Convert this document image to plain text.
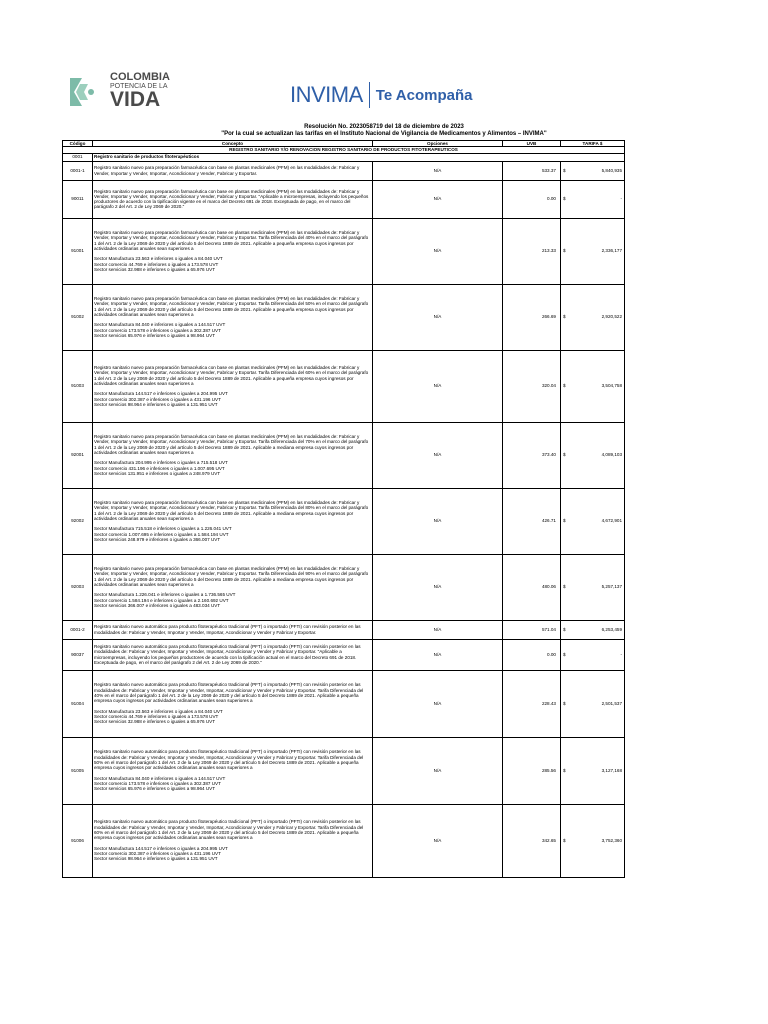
COLOMBIA
POTENCIA DE LA
VIDA	INVIMA Te Acompaña
Resolución No. 2023058719 del 18 de diciembre de 2023
"Por la cual se actualizan las tarifas en el Instituto Nacional de Vigilancia de Medicamentos y Alimentos – INVIMA"
Código	Concepto	Opciones	UVB	TARIFA $
REGISTRO SANITARIO Y/O RENOVACION REGISTRO SANITARIO DE PRODUCTOS FITOTERAPEUTICOS				
0001	Registro sanitario de productos fitoterapéuticos			
0001-1	Registro sanitario nuevo para preparación farmacéutica con base en plantas medicinales (PFM) en las modalidades de: Fabricar y Vender, Importar y Vender, Importar, Acondicionar y Vender, Fabricar y Exportar.	N/A	533.37	$ 5,840,935

90011	Registro sanitario nuevo para preparación farmacéutica con base en plantas medicinales (PFM) en las modalidades de: Fabricar y Vender, Importar y Vender, Importar, Acondicionar y Vender, Fabricar y Exportar. "Aplicable a microempresas, incluyendo los pequeños productores de acuerdo con la tipificación vigente en el marco del Decreto 691 de 2018. Exceptuada de pago, en el marco del parágrafo 2 del Art. 2 de Ley 2069 de 2020."	N/A	0.00	$ -

91001	Registro sanitario nuevo para preparación farmacéutica con base en plantas medicinales (PFM) en las modalidades de: Fabricar y Vender, Importar y Vender, Importar, Acondicionar y Vender, Fabricar y Exportar. Tarifa Diferenciada del 40% en el marco del parágrafo 1 del Art. 2 de la Ley 2069 de 2020 y del artículo 5 del Decreto 1889 de 2021. Aplicable a pequeña empresa cuyos ingresos por actividades ordinarias anuales sean superiores a

Sector Manufactura 23.563 e inferiores o iguales a 84.040 UVT
Sector comercio 44.769 e inferiores o iguales a 173.578 UVT
Sector servicios 32.988 e inferiores o iguales a 65.976 UVT	N/A	213.33	$ 2,336,177

91002	Registro sanitario nuevo para preparación farmacéutica con base en plantas medicinales (PFM) en las modalidades de: Fabricar y Vender, Importar y Vender, Importar, Acondicionar y Vender, Fabricar y Exportar. Tarifa Diferenciada del 50% en el marco del parágrafo 1 del Art. 2 de la Ley 2069 de 2020 y del artículo 5 del Decreto 1889 de 2021. Aplicable a pequeña empresa cuyos ingresos por actividades ordinarias anuales sean superiores a

Sector Manufactura 84.040 e inferiores o iguales a 144.517 UVT
Sector comercio 173.578 e inferiores o iguales a 302.387 UVT
Sector servicios 65.976 e inferiores o iguales a 98.964 UVT	N/A	266.69	$ 2,920,522

91003	Registro sanitario nuevo para preparación farmacéutica con base en plantas medicinales (PFM) en las modalidades de: Fabricar y Vender, Importar y Vender, Importar, Acondicionar y Vender, Fabricar y Exportar. Tarifa Diferenciada del 60% en el marco del parágrafo 1 del Art. 2 de la Ley 2069 de 2020 y del artículo 5 del Decreto 1889 de 2021. Aplicable a pequeña empresa cuyos ingresos por actividades ordinarias anuales sean superiores a

Sector Manufactura 144.517 e inferiores o iguales a 204.995 UVT
Sector comercio 302.387 e inferiores o iguales a 431.196 UVT
Sector servicios 98.964 e inferiores o iguales a 131.951 UVT	N/A	320.04	$ 3,504,758

92001	Registro sanitario nuevo para preparación farmacéutica con base en plantas medicinales (PFM) en las modalidades de: Fabricar y Vender, Importar y Vender, Importar, Acondicionar y Vender, Fabricar y Exportar. Tarifa Diferenciada del 70% en el marco del parágrafo 1 del Art. 2 de la Ley 2069 de 2020 y del artículo 5 del Decreto 1889 de 2021. Aplicable a mediana empresa cuyos ingresos por actividades ordinarias anuales sean superiores a

Sector Manufactura 204.995 e inferiores o iguales a 715.518 UVT
Sector comercio 431.196 e inferiores o iguales a 1.007.695 UVT
Sector servicios 131.951 e inferiores o iguales a 248.979 UVT	N/A	373.40	$ 4,089,103

92002	Registro sanitario nuevo para preparación farmacéutica con base en plantas medicinales (PFM) en las modalidades de: Fabricar y Vender, Importar y Vender, Importar, Acondicionar y Vender, Fabricar y Exportar. Tarifa Diferenciada del 80% en el marco del parágrafo 1 del Art. 2 de la Ley 2069 de 2020 y del artículo 5 del Decreto 1889 de 2021. Aplicable a mediana empresa cuyos ingresos por actividades ordinarias anuales sean superiores a

Sector Manufactura 715.518 e inferiores o iguales a 1.226.041 UVT
Sector comercio 1.007.695 e inferiores o iguales a 1.584.194 UVT
Sector servicios 248.979 e inferiores o iguales a 366.007 UVT	N/A	426.71	$ 4,672,901

92003	Registro sanitario nuevo para preparación farmacéutica con base en plantas medicinales (PFM) en las modalidades de: Fabricar y Vender, Importar y Vender, Importar, Acondicionar y Vender, Fabricar y Exportar. Tarifa Diferenciada del 90% en el marco del parágrafo 1 del Art. 2 de la Ley 2069 de 2020 y del artículo 5 del Decreto 1889 de 2021. Aplicable a mediana empresa cuyos ingresos por actividades ordinarias anuales sean superiores a

Sector Manufactura 1.226.041 e inferiores o iguales a 1.736.565 UVT
Sector comercio 1.584.194 e inferiores o iguales a 2.160.692 UVT
Sector servicios 366.007 e inferiores o iguales a 483.034 UVT	N/A	480.06	$ 5,257,137

0001-2	Registro sanitario nuevo automático para producto fitoterapéutico tradicional (PFT) o importado (PFTI) con revisión posterior en las modalidades de: Fabricar y Vender, Importar y Vender, Importar, Acondicionar y Vender y Fabricar y Exportar.	N/A	571.04	$ 6,253,459

90037	Registro sanitario nuevo automático para producto fitoterapéutico tradicional (PFT) o importado (PFTI) con revisión posterior en las modalidades de: Fabricar y Vender, Importar y Vender, Importar, Acondicionar y Vender y Fabricar y Exportar. "Aplicable a microempresas, incluyendo los pequeños productores de acuerdo con la tipificación actual en el marco del Decreto 691 de 2018. Exceptuada de pago, en el marco del parágrafo 2 del Art. 2 de Ley 2069 de 2020."	N/A	0.00	$ -

91004	Registro sanitario nuevo automático para producto fitoterapéutico tradicional (PFT) o importado (PFTI) con revisión posterior en las modalidades de: Fabricar y Vender, Importar y Vender, Importar, Acondicionar y Vender y Fabricar y Exportar. Tarifa Diferenciada del 40% en el marco del parágrafo 1 del Art. 2 de la Ley 2069 de 2020 y del artículo 5 del Decreto 1889 de 2021. Aplicable a pequeña empresa cuyos ingresos por actividades ordinarias anuales sean superiores a

Sector Manufactura 23.563 e inferiores o iguales a 84.040 UVT
Sector comercio 44.769 e inferiores o iguales a 173.578 UVT
Sector servicios 32.988 e inferiores o iguales a 65.976 UVT	N/A	228.43	$ 2,501,537

91005	Registro sanitario nuevo automático para producto fitoterapéutico tradicional (PFT) o importado (PFTI) con revisión posterior en las modalidades de: Fabricar y Vender, Importar y Vender, Importar, Acondicionar y Vender y Fabricar y Exportar. Tarifa Diferenciada del 50% en el marco del parágrafo 1 del Art. 2 de la Ley 2069 de 2020 y del artículo 5 del Decreto 1889 de 2021. Aplicable a pequeña empresa cuyos ingresos por actividades ordinarias anuales sean superiores a

Sector Manufactura 84.040 e inferiores o iguales a 144.517 UVT
Sector comercio 173.578 e inferiores o iguales a 302.387 UVT
Sector servicios 65.976 e inferiores o iguales a 98.964 UVT	N/A	285.56	$ 3,127,168

91006	Registro sanitario nuevo automático para producto fitoterapéutico tradicional (PFT) o importado (PFTI) con revisión posterior en las modalidades de: Fabricar y Vender, Importar y Vender, Importar, Acondicionar y Vender y Fabricar y Exportar. Tarifa Diferenciada del 60% en el marco del parágrafo 1 del Art. 2 de la Ley 2069 de 2020 y del artículo 5 del Decreto 1889 de 2021. Aplicable a pequeña empresa cuyos ingresos por actividades ordinarias anuales sean superiores a

Sector Manufactura 144.517 e inferiores o iguales a 204.995 UVT
Sector comercio 302.387 e inferiores o iguales a 431.196 UVT
Sector servicios 98.964 e inferiores o iguales a 131.951 UVT	N/A	342.65	$ 3,752,360
